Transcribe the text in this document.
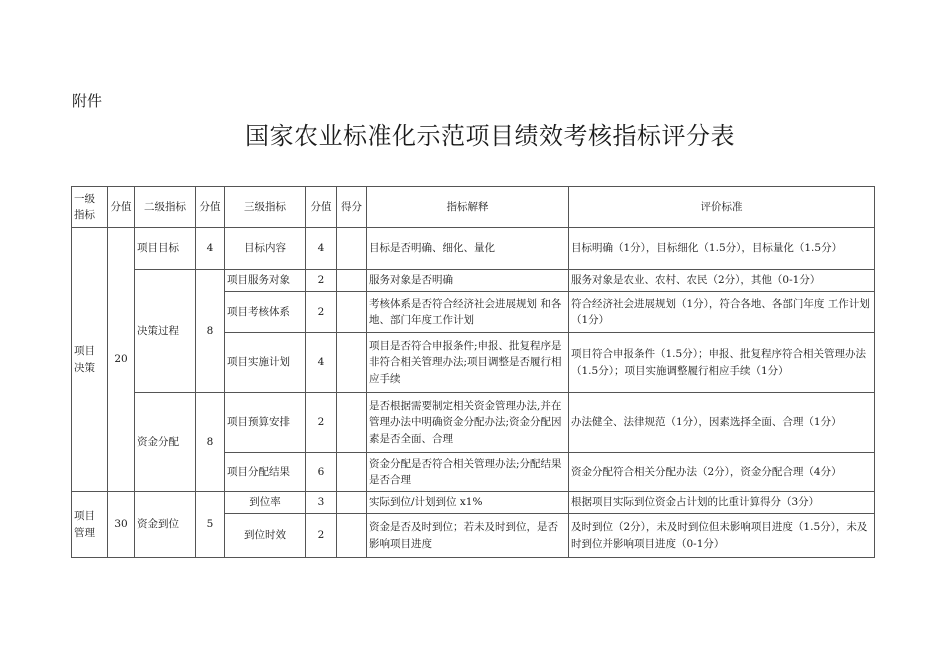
附件
国家农业标准化示范项目绩效考核指标评分表
一级指标	分值	二级指标	分值	三级指标	分值	得分	指标解释	评价标准
项目决策	20	项目目标	4	目标内容	4		目标是否明确、细化、量化	目标明确（1分），目标细化（1.5分），目标量化（1.5分）
		决策过程	8	项目服务对象	2		服务对象是否明确	服务对象是农业、农村、农民（2分），其他（0-1分）
				项目考核体系	2		考核体系是否符合经济社会进展规划 和各地、部门年度工作计划	符合经济社会进展规划（1分），符合各地、各部门年度 工作计划（1分）
				项目实施计划	4		项目是否符合申报条件;申报、批复程序是非符合相关管理办法;项目调整是否履行相应手续	项目符合申报条件（1.5分）；申报、批复程序符合相关管理办法（1.5分）；项目实施调整履行相应手续（1分）
		资金分配	8	项目预算安排	2		是否根据需要制定相关资金管理办法,并在管理办法中明确资金分配办法;资金分配因素是否全面、合理	办法健全、法律规范（1分），因素选择全面、合理（1分）
				项目分配结果	6		资金分配是否符合相关管理办法;分配结果是否合理	资金分配符合相关分配办法（2分），资金分配合理（4分）
项目管理	30	资金到位	5	到位率	3		实际到位/计划到位 x1%	根据项目实际到位资金占计划的比重计算得分（3分）
				到位时效	2		资金是否及时到位；若未及时到位，是否影响项目进度	及时到位（2分），未及时到位但未影响项目进度（1.5分），未及时到位并影响项目进度（0-1分）
